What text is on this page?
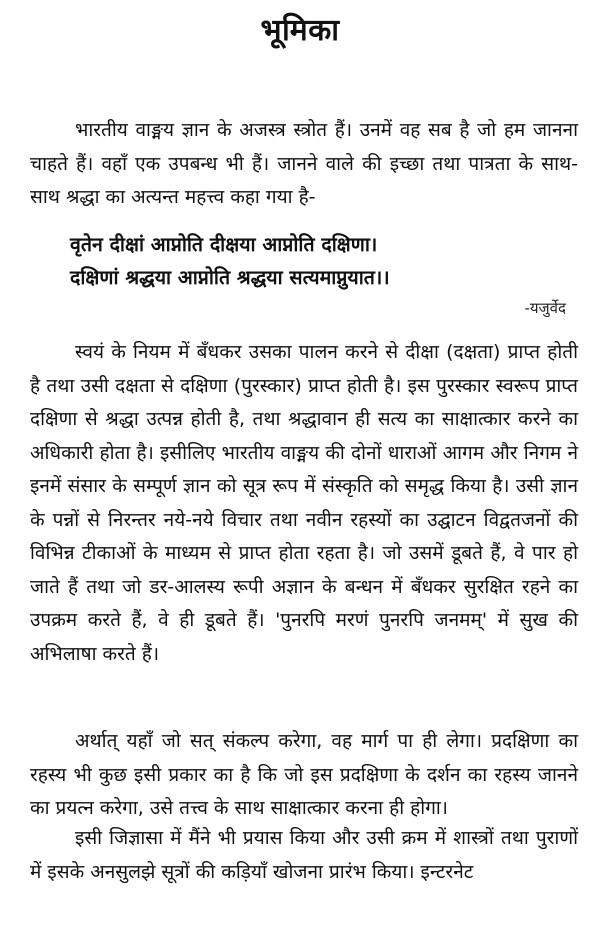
भूमिका

भारतीय वाङ्मय ज्ञान के अजस्त्र स्त्रोत हैं। उनमें वह सब है जो हम जानना चाहते हैं। वहाँ एक उपबन्ध भी हैं। जानने वाले की इच्छा तथा पात्रता के साथ-साथ श्रद्धा का अत्यन्त महत्त्व कहा गया है-

वृतेन दीक्षां आप्नोति दीक्षया आप्नोति दक्षिणा।

दक्षिणां श्रद्धया आप्नोति श्रद्धया सत्यमाप्नुयात।।

-यजुर्वेद

स्वयं के नियम में बँधकर उसका पालन करने से दीक्षा (दक्षता) प्राप्त होती है तथा उसी दक्षता से दक्षिणा (पुरस्कार) प्राप्त होती है। इस पुरस्कार स्वरूप प्राप्त दक्षिणा से श्रद्धा उत्पन्न होती है, तथा श्रद्धावान ही सत्य का साक्षात्कार करने का अधिकारी होता है। इसीलिए भारतीय वाङ्मय की दोनों धाराओं आगम और निगम ने इनमें संसार के सम्पूर्ण ज्ञान को सूत्र रूप में संस्कृति को समृद्ध किया है। उसी ज्ञान के पन्नों से निरन्तर नये-नये विचार तथा नवीन रहस्यों का उद्घाटन विद्वतजनों की विभिन्न टीकाओं के माध्यम से प्राप्त होता रहता है। जो उसमें डूबते हैं, वे पार हो जाते हैं तथा जो डर-आलस्य रूपी अज्ञान के बन्धन में बँधकर सुरक्षित रहने का उपक्रम करते हैं, वे ही डूबते हैं। 'पुनरपि मरणं पुनरपि जनमम्' में सुख की अभिलाषा करते हैं।

अर्थात् यहाँ जो सत् संकल्प करेगा, वह मार्ग पा ही लेगा। प्रदक्षिणा का रहस्य भी कुछ इसी प्रकार का है कि जो इस प्रदक्षिणा के दर्शन का रहस्य जानने का प्रयत्न करेगा, उसे तत्त्व के साथ साक्षात्कार करना ही होगा।

इसी जिज्ञासा में मैंने भी प्रयास किया और उसी क्रम में शास्त्रों तथा पुराणों में इसके अनसुलझे सूत्रों की कड़ियाँ खोजना प्रारंभ किया। इन्टरनेट
